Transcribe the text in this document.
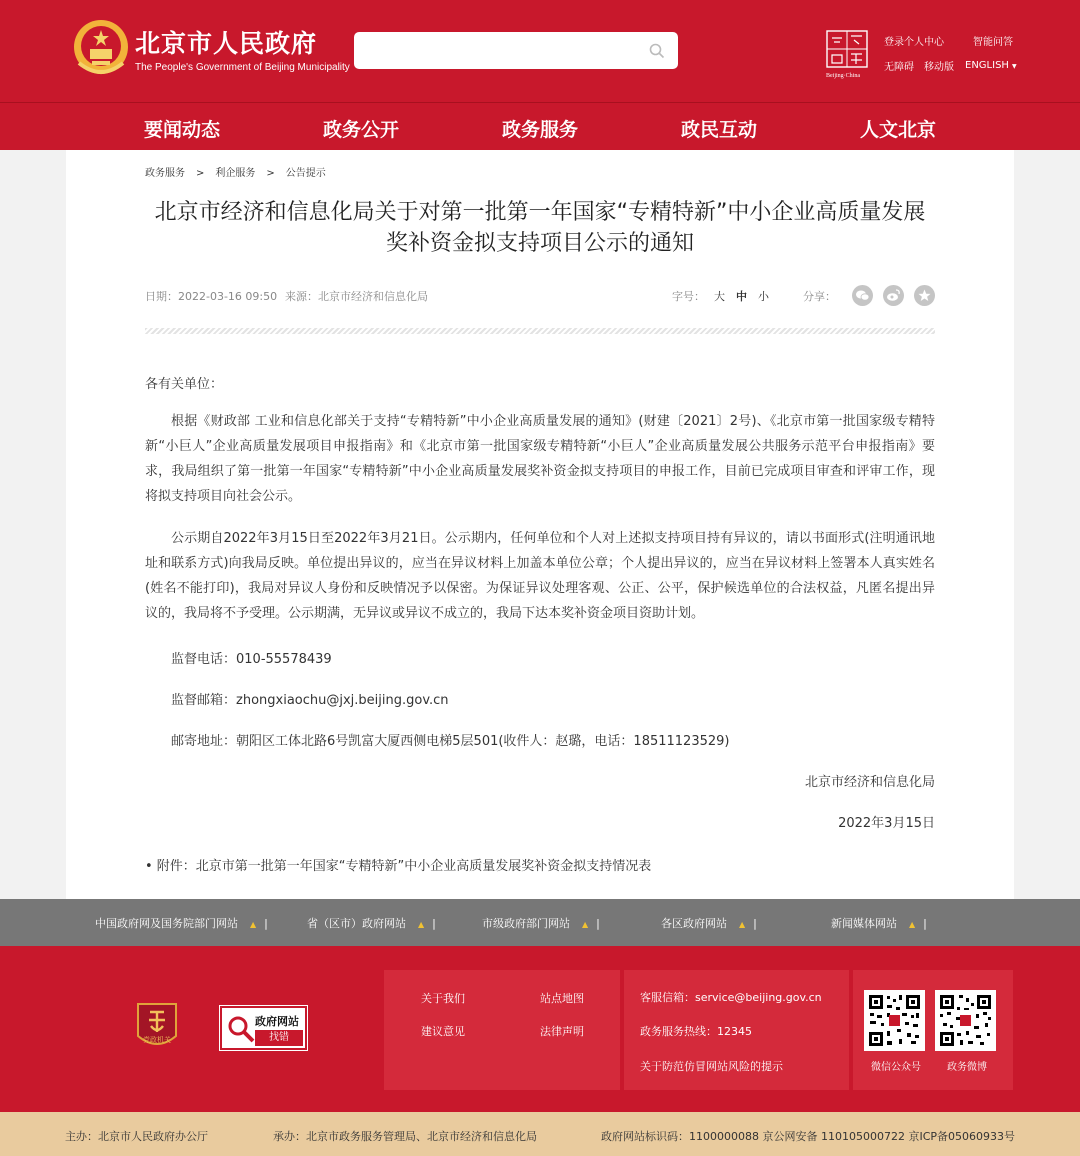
北京市人民政府
The People's Government of Beijing Municipality
Beijing·China
登录个人中心	智能问答
无障碍 移动版 ENGLISH ▼
要闻动态	政务公开	政务服务	政民互动	人文北京
政务服务 > 利企服务 > 公告提示
北京市经济和信息化局关于对第一批第一年国家“专精特新”中小企业高质量发展奖补资金拟支持项目公示的通知
日期：2022-03-16 09:50 来源：北京市经济和信息化局	字号： 大 中 小	分享：
各有关单位：
根据《财政部 工业和信息化部关于支持“专精特新”中小企业高质量发展的通知》(财建〔2021〕2号)、《北京市第一批国家级专精特新“小巨人”企业高质量发展项目申报指南》和《北京市第一批国家级专精特新“小巨人”企业高质量发展公共服务示范平台申报指南》要求，我局组织了第一批第一年国家“专精特新”中小企业高质量发展奖补资金拟支持项目的申报工作，目前已完成项目审查和评审工作，现将拟支持项目向社会公示。
公示期自2022年3月15日至2022年3月21日。公示期内，任何单位和个人对上述拟支持项目持有异议的，请以书面形式(注明通讯地址和联系方式)向我局反映。单位提出异议的，应当在异议材料上加盖本单位公章；个人提出异议的，应当在异议材料上签署本人真实姓名(姓名不能打印)，我局对异议人身份和反映情况予以保密。为保证异议处理客观、公正、公平，保护候选单位的合法权益，凡匿名提出异议的，我局将不予受理。公示期满，无异议或异议不成立的，我局下达本奖补资金项目资助计划。
监督电话：010-55578439
监督邮箱：zhongxiaochu@jxj.beijing.gov.cn
邮寄地址：朝阳区工体北路6号凯富大厦西侧电梯5层501(收件人：赵璐，电话：18511123529)
北京市经济和信息化局
2022年3月15日
• 附件：北京市第一批第一年国家“专精特新”中小企业高质量发展奖补资金拟支持情况表
中国政府网及国务院部门网站 ▲ |	省（区市）政府网站 ▲ |	市级政府部门网站 ▲ |	各区政府网站 ▲ |	新闻媒体网站 ▲ |
党政机关
政府网站
找错
关于我们	站点地图
建议意见	法律声明
客服信箱：service@beijing.gov.cn
政务服务热线：12345
关于防范仿冒网站风险的提示	微信公众号	政务微博
主办：北京市人民政府办公厅	承办：北京市政务服务管理局、北京市经济和信息化局	政府网站标识码：1100000088 京公网安备 110105000722 京ICP备05060933号
